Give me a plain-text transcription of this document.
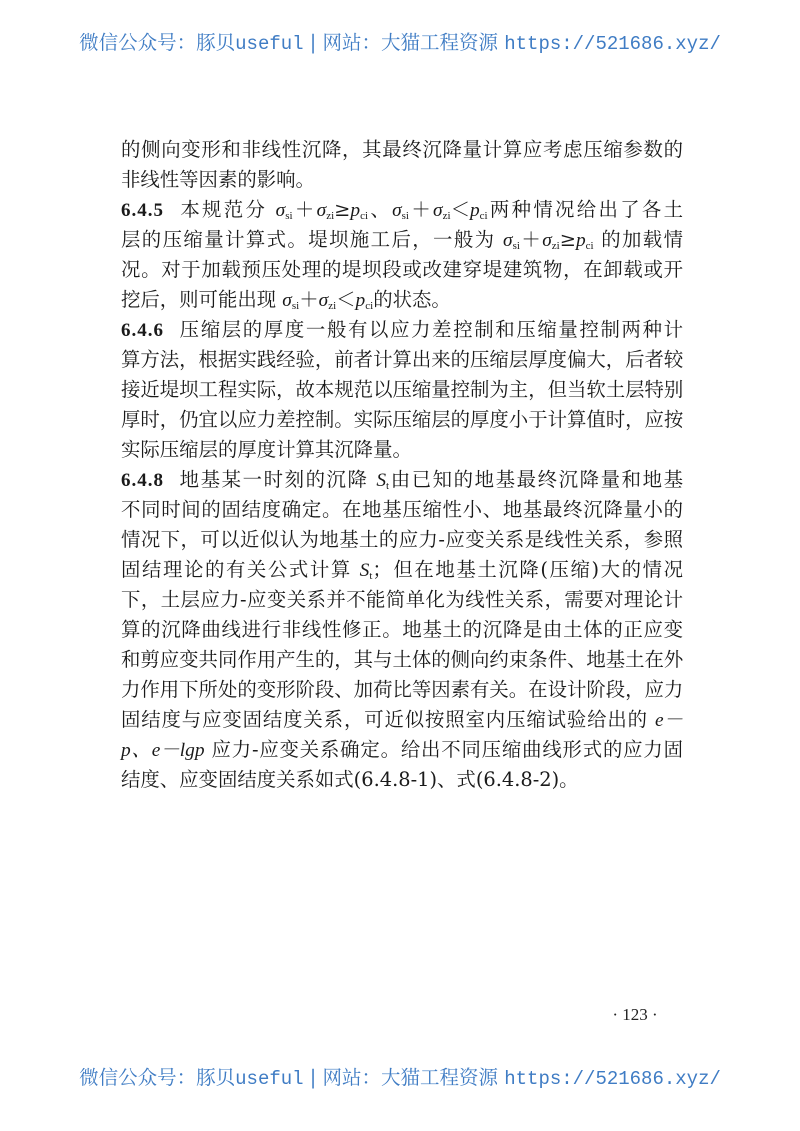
微信公众号：豚贝useful | 网站：大猫工程资源 https://521686.xyz/
的侧向变形和非线性沉降，其最终沉降量计算应考虑压缩参数的
非线性等因素的影响。
6.4.5 本规范分 $\sigma_{si}+\sigma_{zi}\ge p_{ci}$、$\sigma_{si}+\sigma_{zi}<p_{ci}$两种情况给出了各土
层的压缩量计算式。堤坝施工后，一般为 $\sigma_{si}+\sigma_{zi}\ge p_{ci}$ 的加载情
况。对于加载预压处理的堤坝段或改建穿堤建筑物，在卸载或开
挖后，则可能出现 $\sigma_{si}+\sigma_{zi}<p_{ci}$的状态。
6.4.6 压缩层的厚度一般有以应力差控制和压缩量控制两种计
算方法，根据实践经验，前者计算出来的压缩层厚度偏大，后者较
接近堤坝工程实际，故本规范以压缩量控制为主，但当软土层特别
厚时，仍宜以应力差控制。实际压缩层的厚度小于计算值时，应按
实际压缩层的厚度计算其沉降量。
6.4.8 地基某一时刻的沉降 $S_t$由已知的地基最终沉降量和地基
不同时间的固结度确定。在地基压缩性小、地基最终沉降量小的
情况下，可以近似认为地基土的应力-应变关系是线性关系，参照
固结理论的有关公式计算 $S_t$；但在地基土沉降(压缩)大的情况
下，土层应力-应变关系并不能简单化为线性关系，需要对理论计
算的沉降曲线进行非线性修正。地基土的沉降是由土体的正应变
和剪应变共同作用产生的，其与土体的侧向约束条件、地基土在外
力作用下所处的变形阶段、加荷比等因素有关。在设计阶段，应力
固结度与应变固结度关系，可近似按照室内压缩试验给出的 e－
p、e－lgp 应力-应变关系确定。给出不同压缩曲线形式的应力固
结度、应变固结度关系如式(6.4.8-1)、式(6.4.8-2)。
· 123 ·
微信公众号：豚贝useful | 网站：大猫工程资源 https://521686.xyz/
